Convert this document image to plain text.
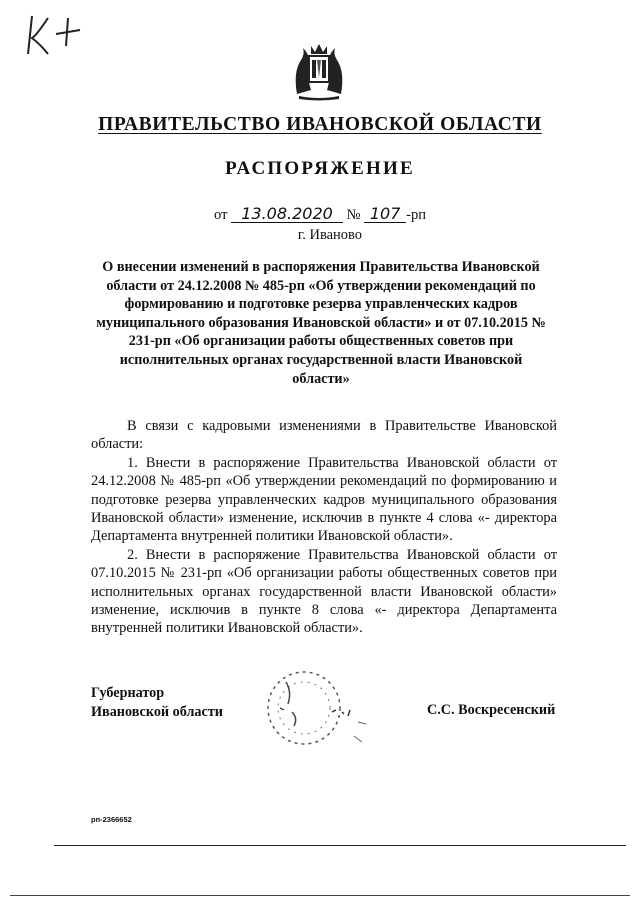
ПРАВИТЕЛЬСТВО ИВАНОВСКОЙ ОБЛАСТИ
РАСПОРЯЖЕНИЕ
от 13.08.2020 № 107 -рп
г. Иваново
О внесении изменений в распоряжения Правительства Ивановской области от 24.12.2008 № 485-рп «Об утверждении рекомендаций по формированию и подготовке резерва управленческих кадров муниципального образования Ивановской области» и от 07.10.2015 № 231-рп «Об организации работы общественных советов при исполнительных органах государственной власти Ивановской области»

В связи с кадровыми изменениями в Правительстве Ивановской области:

1. Внести в распоряжение Правительства Ивановской области от 24.12.2008 № 485-рп «Об утверждении рекомендаций по формированию и подготовке резерва управленческих кадров муниципального образования Ивановской области» изменение, исключив в пункте 4 слова «- директора Департамента внутренней политики Ивановской области».

2. Внести в распоряжение Правительства Ивановской области от 07.10.2015 № 231-рп «Об организации работы общественных советов при исполнительных органах государственной власти Ивановской области» изменение, исключив в пункте 8 слова «- директора Департамента внутренней политики Ивановской области».

Губернатор
Ивановской области	С.С. Воскресенский
рп-2366652
